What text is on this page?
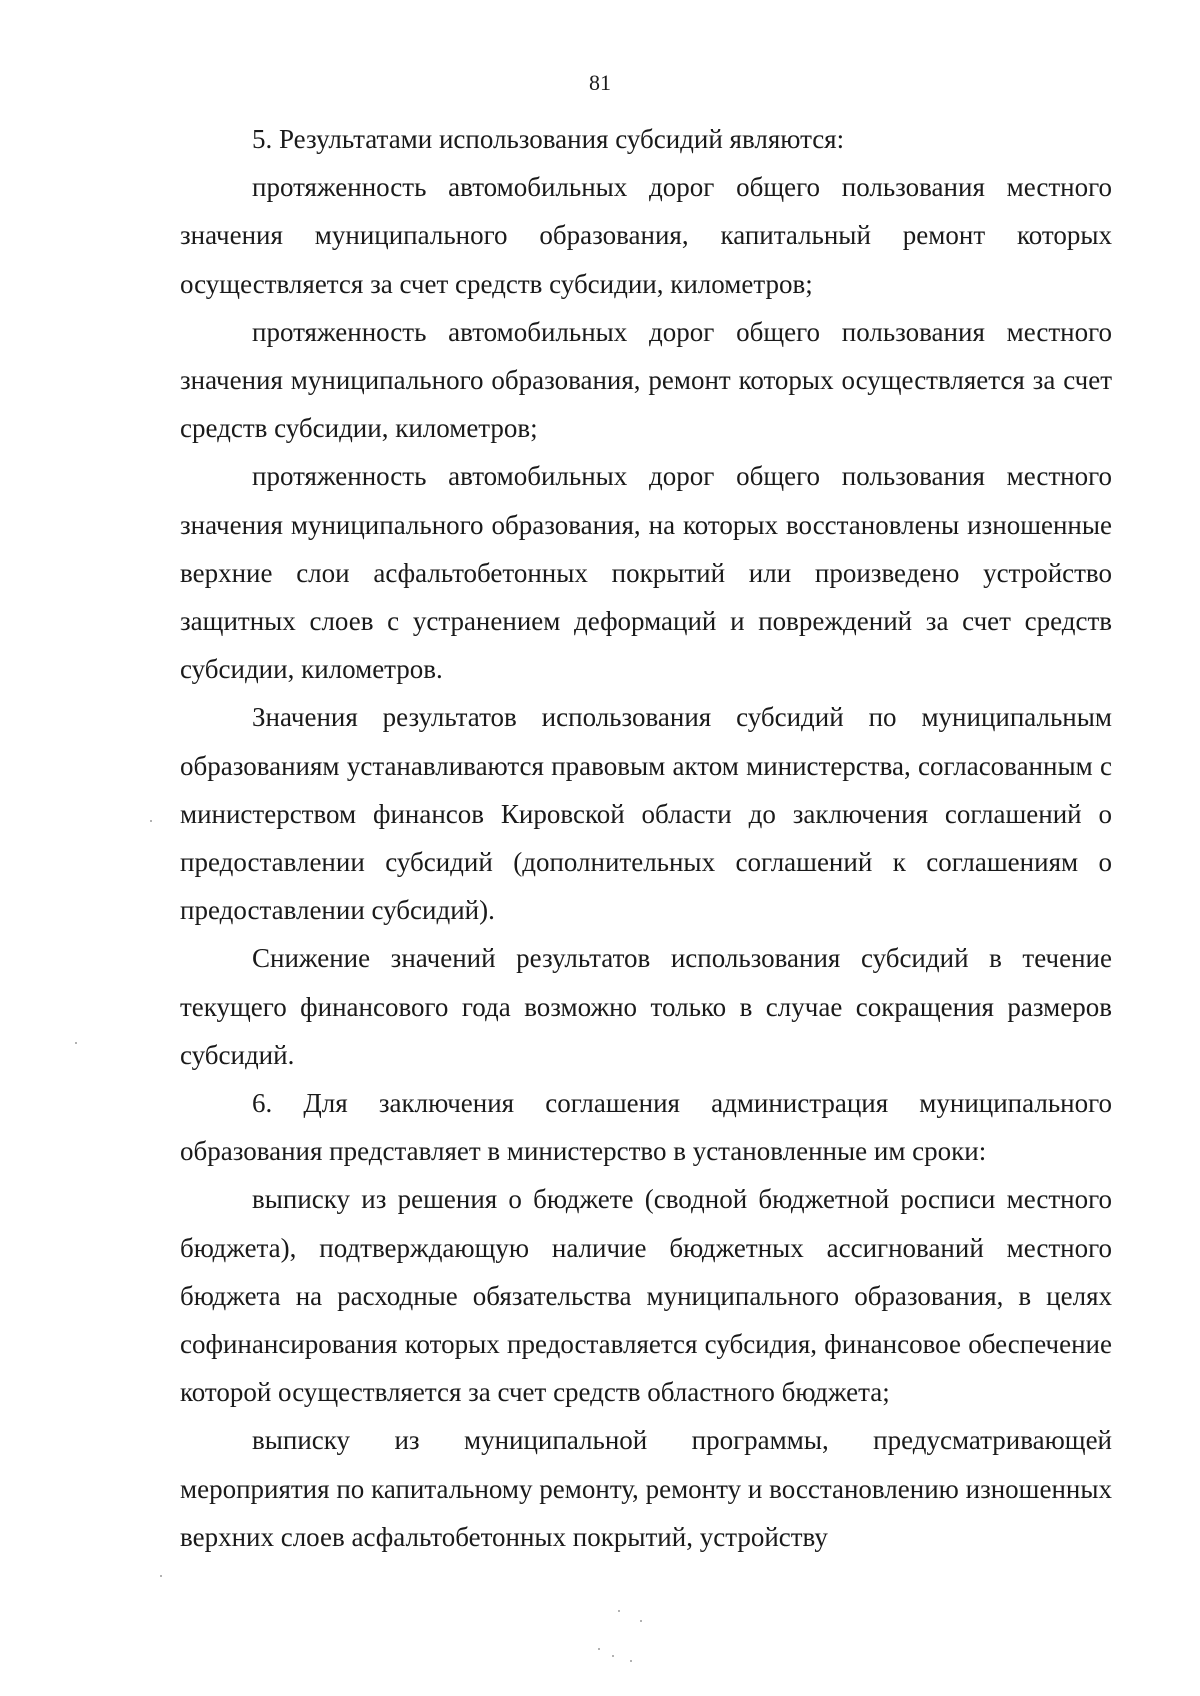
81

5. Результатами использования субсидий являются:

протяженность автомобильных дорог общего пользования местного значения муниципального образования, капитальный ремонт которых осуществляется за счет средств субсидии, километров;

протяженность автомобильных дорог общего пользования местного значения муниципального образования, ремонт которых осуществляется за счет средств субсидии, километров;

протяженность автомобильных дорог общего пользования местного значения муниципального образования, на которых восстановлены изношенные верхние слои асфальтобетонных покрытий или произведено устройство защитных слоев с устранением деформаций и повреждений за счет средств субсидии, километров.

Значения результатов использования субсидий по муниципальным образованиям устанавливаются правовым актом министерства, согласованным с министерством финансов Кировской области до заключения соглашений о предоставлении субсидий (дополнительных соглашений к соглашениям о предоставлении субсидий).

Снижение значений результатов использования субсидий в течение текущего финансового года возможно только в случае сокращения размеров субсидий.

6. Для заключения соглашения администрация муниципального образования представляет в министерство в установленные им сроки:

выписку из решения о бюджете (сводной бюджетной росписи местного бюджета), подтверждающую наличие бюджетных ассигнований местного бюджета на расходные обязательства муниципального образования, в целях софинансирования которых предоставляется субсидия, финансовое обеспечение которой осуществляется за счет средств областного бюджета;

выписку из муниципальной программы, предусматривающей мероприятия по капитальному ремонту, ремонту и восстановлению изношенных верхних слоев асфальтобетонных покрытий, устройству
